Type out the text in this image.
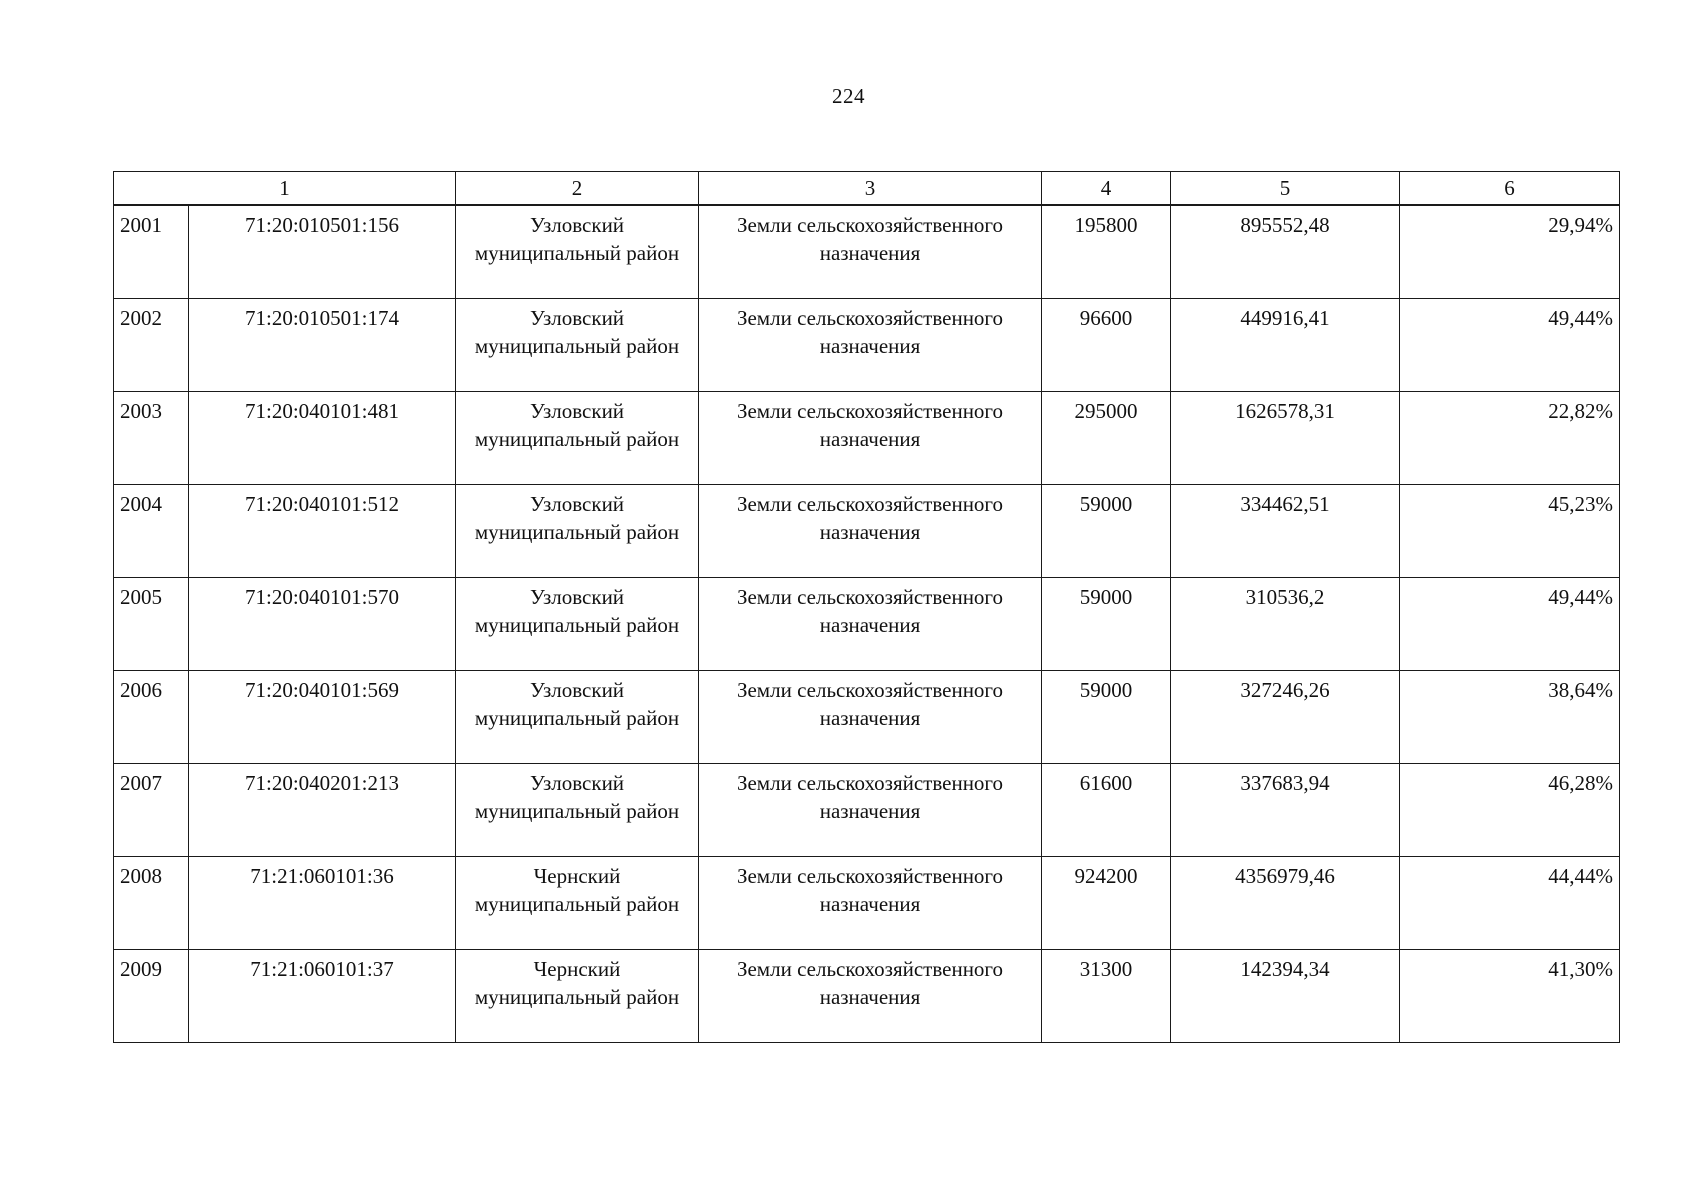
224
1		2	3	4	5	6
2001	71:20:010501:156	Узловский муниципальный район	Земли сельскохозяйственного назначения	195800	895552,48	29,94%
2002	71:20:010501:174	Узловский муниципальный район	Земли сельскохозяйственного назначения	96600	449916,41	49,44%
2003	71:20:040101:481	Узловский муниципальный район	Земли сельскохозяйственного назначения	295000	1626578,31	22,82%
2004	71:20:040101:512	Узловский муниципальный район	Земли сельскохозяйственного назначения	59000	334462,51	45,23%
2005	71:20:040101:570	Узловский муниципальный район	Земли сельскохозяйственного назначения	59000	310536,2	49,44%
2006	71:20:040101:569	Узловский муниципальный район	Земли сельскохозяйственного назначения	59000	327246,26	38,64%
2007	71:20:040201:213	Узловский муниципальный район	Земли сельскохозяйственного назначения	61600	337683,94	46,28%
2008	71:21:060101:36	Чернский муниципальный район	Земли сельскохозяйственного назначения	924200	4356979,46	44,44%
2009	71:21:060101:37	Чернский муниципальный район	Земли сельскохозяйственного назначения	31300	142394,34	41,30%
